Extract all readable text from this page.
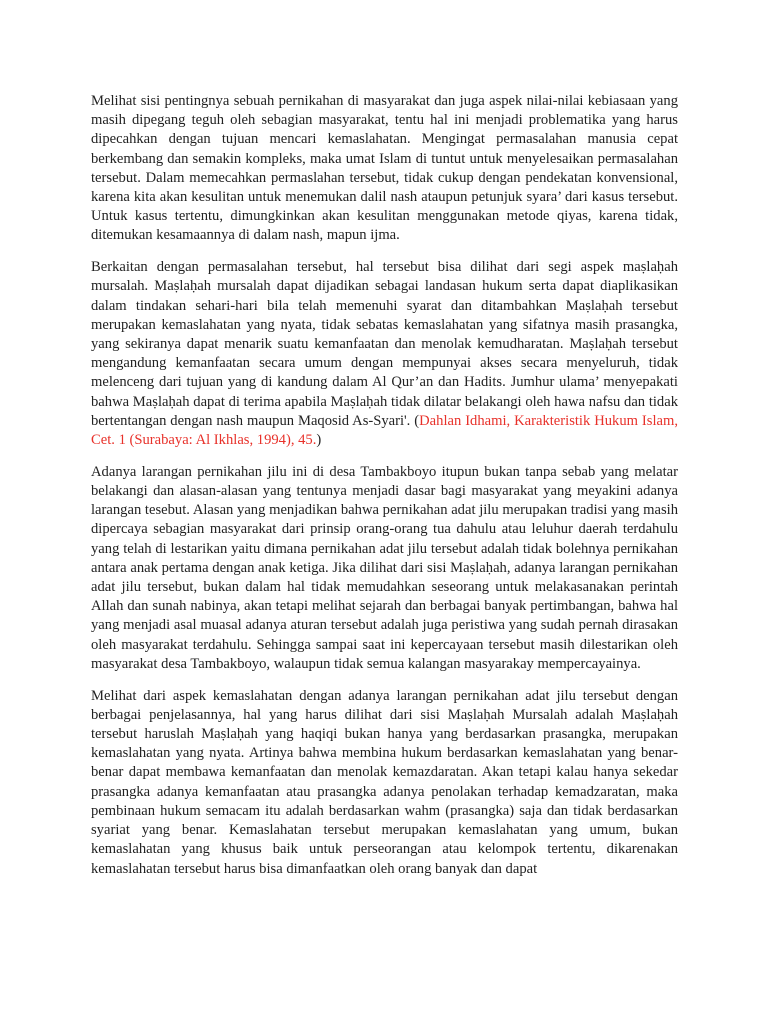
Melihat sisi pentingnya sebuah pernikahan di masyarakat dan juga aspek nilai-nilai kebiasaan yang masih dipegang teguh oleh sebagian masyarakat, tentu hal ini menjadi problematika yang harus dipecahkan dengan tujuan mencari kemaslahatan. Mengingat permasalahan manusia cepat berkembang dan semakin kompleks, maka umat Islam di tuntut untuk menyelesaikan permasalahan tersebut. Dalam memecahkan permaslahan tersebut, tidak cukup dengan pendekatan konvensional, karena kita akan kesulitan untuk menemukan dalil nash ataupun petunjuk syara’ dari kasus tersebut. Untuk kasus tertentu, dimungkinkan akan kesulitan menggunakan metode qiyas, karena tidak, ditemukan kesamaannya di dalam nash, mapun ijma.

Berkaitan dengan permasalahan tersebut, hal tersebut bisa dilihat dari segi aspek maṣlaḥah mursalah. Maṣlaḥah mursalah dapat dijadikan sebagai landasan hukum serta dapat diaplikasikan dalam tindakan sehari-hari bila telah memenuhi syarat dan ditambahkan Maṣlaḥah tersebut merupakan kemaslahatan yang nyata, tidak sebatas kemaslahatan yang sifatnya masih prasangka, yang sekiranya dapat menarik suatu kemanfaatan dan menolak kemudharatan. Maṣlaḥah tersebut mengandung kemanfaatan secara umum dengan mempunyai akses secara menyeluruh, tidak melenceng dari tujuan yang di kandung dalam Al Qur’an dan Hadits. Jumhur ulama’ menyepakati bahwa Maṣlaḥah dapat di terima apabila Maṣlaḥah tidak dilatar belakangi oleh hawa nafsu dan tidak bertentangan dengan nash maupun Maqosid As-Syari'. (Dahlan Idhami, Karakteristik Hukum Islam, Cet. 1 (Surabaya: Al Ikhlas, 1994), 45.)

Adanya larangan pernikahan jilu ini di desa Tambakboyo itupun bukan tanpa sebab yang melatar belakangi dan alasan-alasan yang tentunya menjadi dasar bagi masyarakat yang meyakini adanya larangan tesebut. Alasan yang menjadikan bahwa pernikahan adat jilu merupakan tradisi yang masih dipercaya sebagian masyarakat dari prinsip orang-orang tua dahulu atau leluhur daerah terdahulu yang telah di lestarikan yaitu dimana pernikahan adat jilu tersebut adalah tidak bolehnya pernikahan antara anak pertama dengan anak ketiga. Jika dilihat dari sisi Maṣlaḥah, adanya larangan pernikahan adat jilu tersebut, bukan dalam hal tidak memudahkan seseorang untuk melakasanakan perintah Allah dan sunah nabinya, akan tetapi melihat sejarah dan berbagai banyak pertimbangan, bahwa hal yang menjadi asal muasal adanya aturan tersebut adalah juga peristiwa yang sudah pernah dirasakan oleh masyarakat terdahulu. Sehingga sampai saat ini kepercayaan tersebut masih dilestarikan oleh masyarakat desa Tambakboyo, walaupun tidak semua kalangan masyarakay mempercayainya.

Melihat dari aspek kemaslahatan dengan adanya larangan pernikahan adat jilu tersebut dengan berbagai penjelasannya, hal yang harus dilihat dari sisi Maṣlaḥah Mursalah adalah Maṣlaḥah tersebut haruslah Maṣlaḥah yang haqiqi bukan hanya yang berdasarkan prasangka, merupakan kemaslahatan yang nyata. Artinya bahwa membina hukum berdasarkan kemaslahatan yang benar-benar dapat membawa kemanfaatan dan menolak kemazdaratan. Akan tetapi kalau hanya sekedar prasangka adanya kemanfaatan atau prasangka adanya penolakan terhadap kemadzaratan, maka pembinaan hukum semacam itu adalah berdasarkan wahm (prasangka) saja dan tidak berdasarkan syariat yang benar. Kemaslahatan tersebut merupakan kemaslahatan yang umum, bukan kemaslahatan yang khusus baik untuk perseorangan atau kelompok tertentu, dikarenakan kemaslahatan tersebut harus bisa dimanfaatkan oleh orang banyak dan dapat
